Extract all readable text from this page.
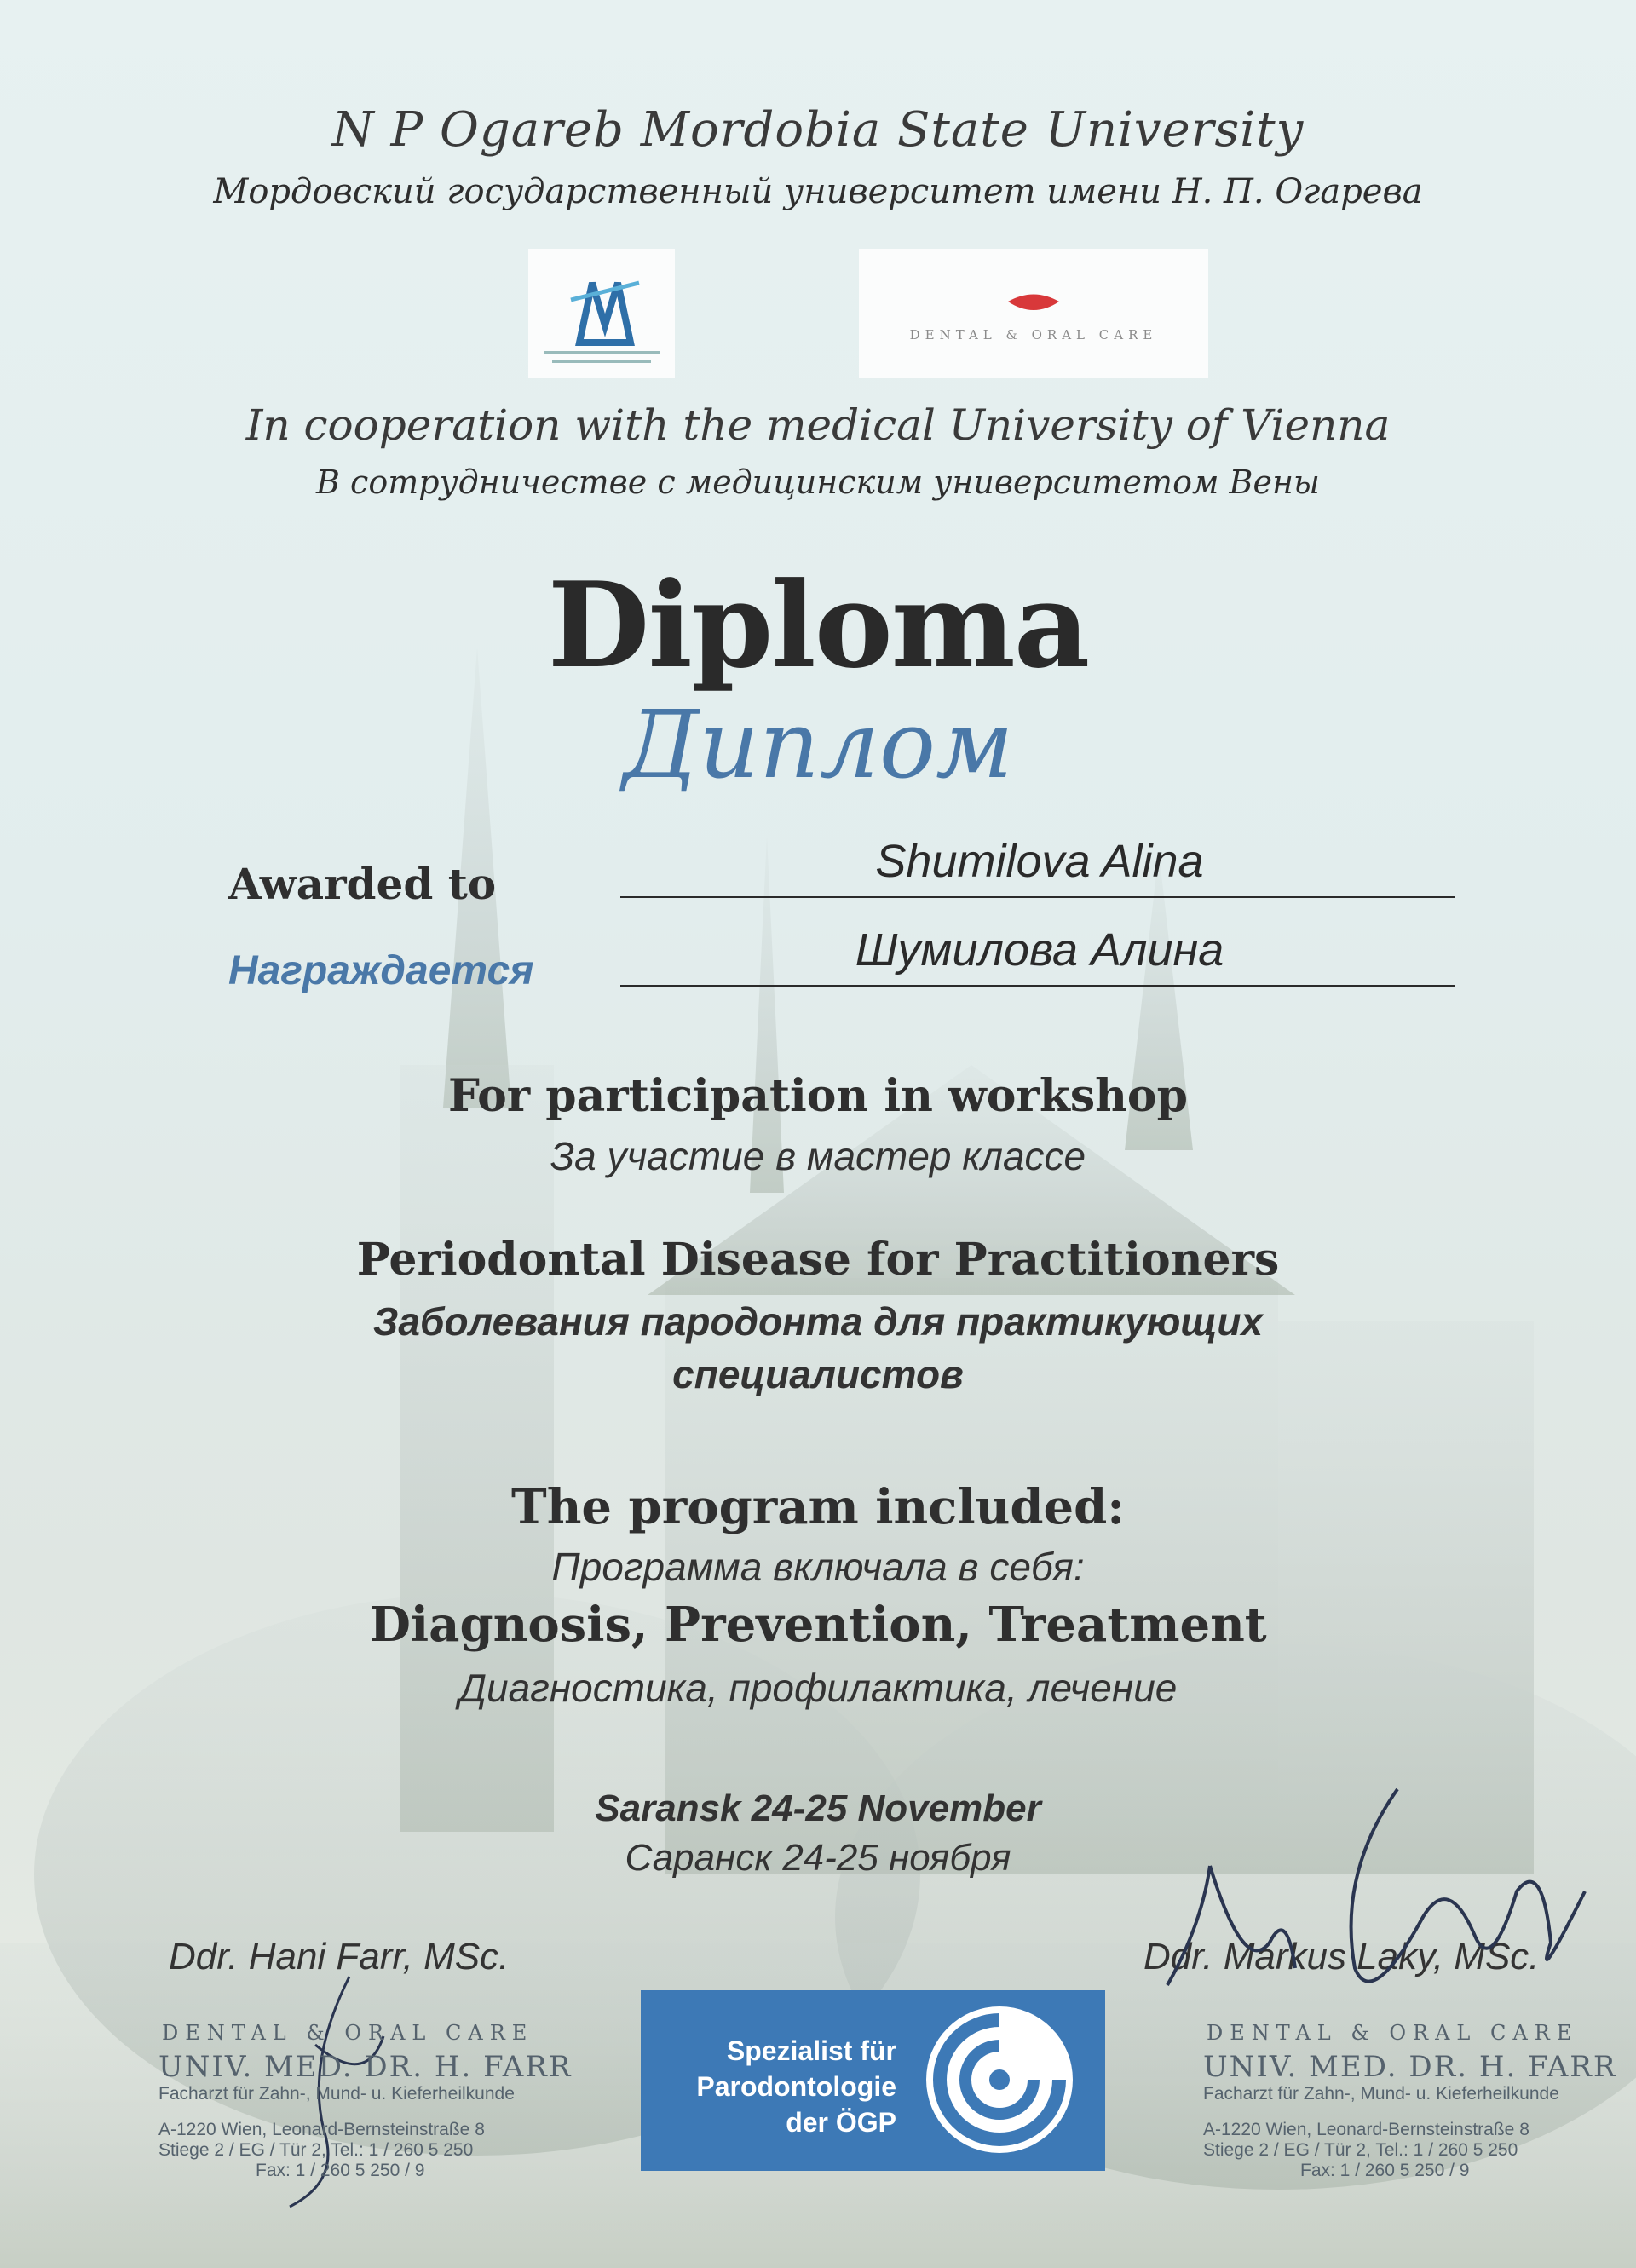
N P Ogareb Mordobia State University
Мордовский государственный университет имени Н. П. Огарева
DENTAL & ORAL CARE
In cooperation with the medical University of Vienna
В сотрудничестве с медицинским университетом Вены
Diploma
Диплом
Awarded to
Награждается
Shumilova Alina
Шумилова Алина
For participation in workshop
За участие в мастер классе
Periodontal Disease for Practitioners
Заболевания пародонта для практикующих
специалистов
The program included:
Программа включала в себя:
Diagnosis, Prevention, Treatment
Диагностика, профилактика, лечение
Saransk 24-25 November
Саранск 24-25 ноября
Ddr. Hani Farr, MSc.	Ddr. Markus Laky, MSc.
DENTAL & ORAL CARE
UNIV. MED. DR. H. FARR
Facharzt für Zahn-, Mund- u. Kieferheilkunde
A-1220 Wien, Leonard-Bernsteinstraße 8
Stiege 2 / EG / Tür 2, Tel.: 1 / 260 5 250
Fax: 1 / 260 5 250 / 9
Spezialist für
Parodontologie
der ÖGP
DENTAL & ORAL CARE
UNIV. MED. DR. H. FARR
Facharzt für Zahn-, Mund- u. Kieferheilkunde
A-1220 Wien, Leonard-Bernsteinstraße 8
Stiege 2 / EG / Tür 2, Tel.: 1 / 260 5 250
Fax: 1 / 260 5 250 / 9
